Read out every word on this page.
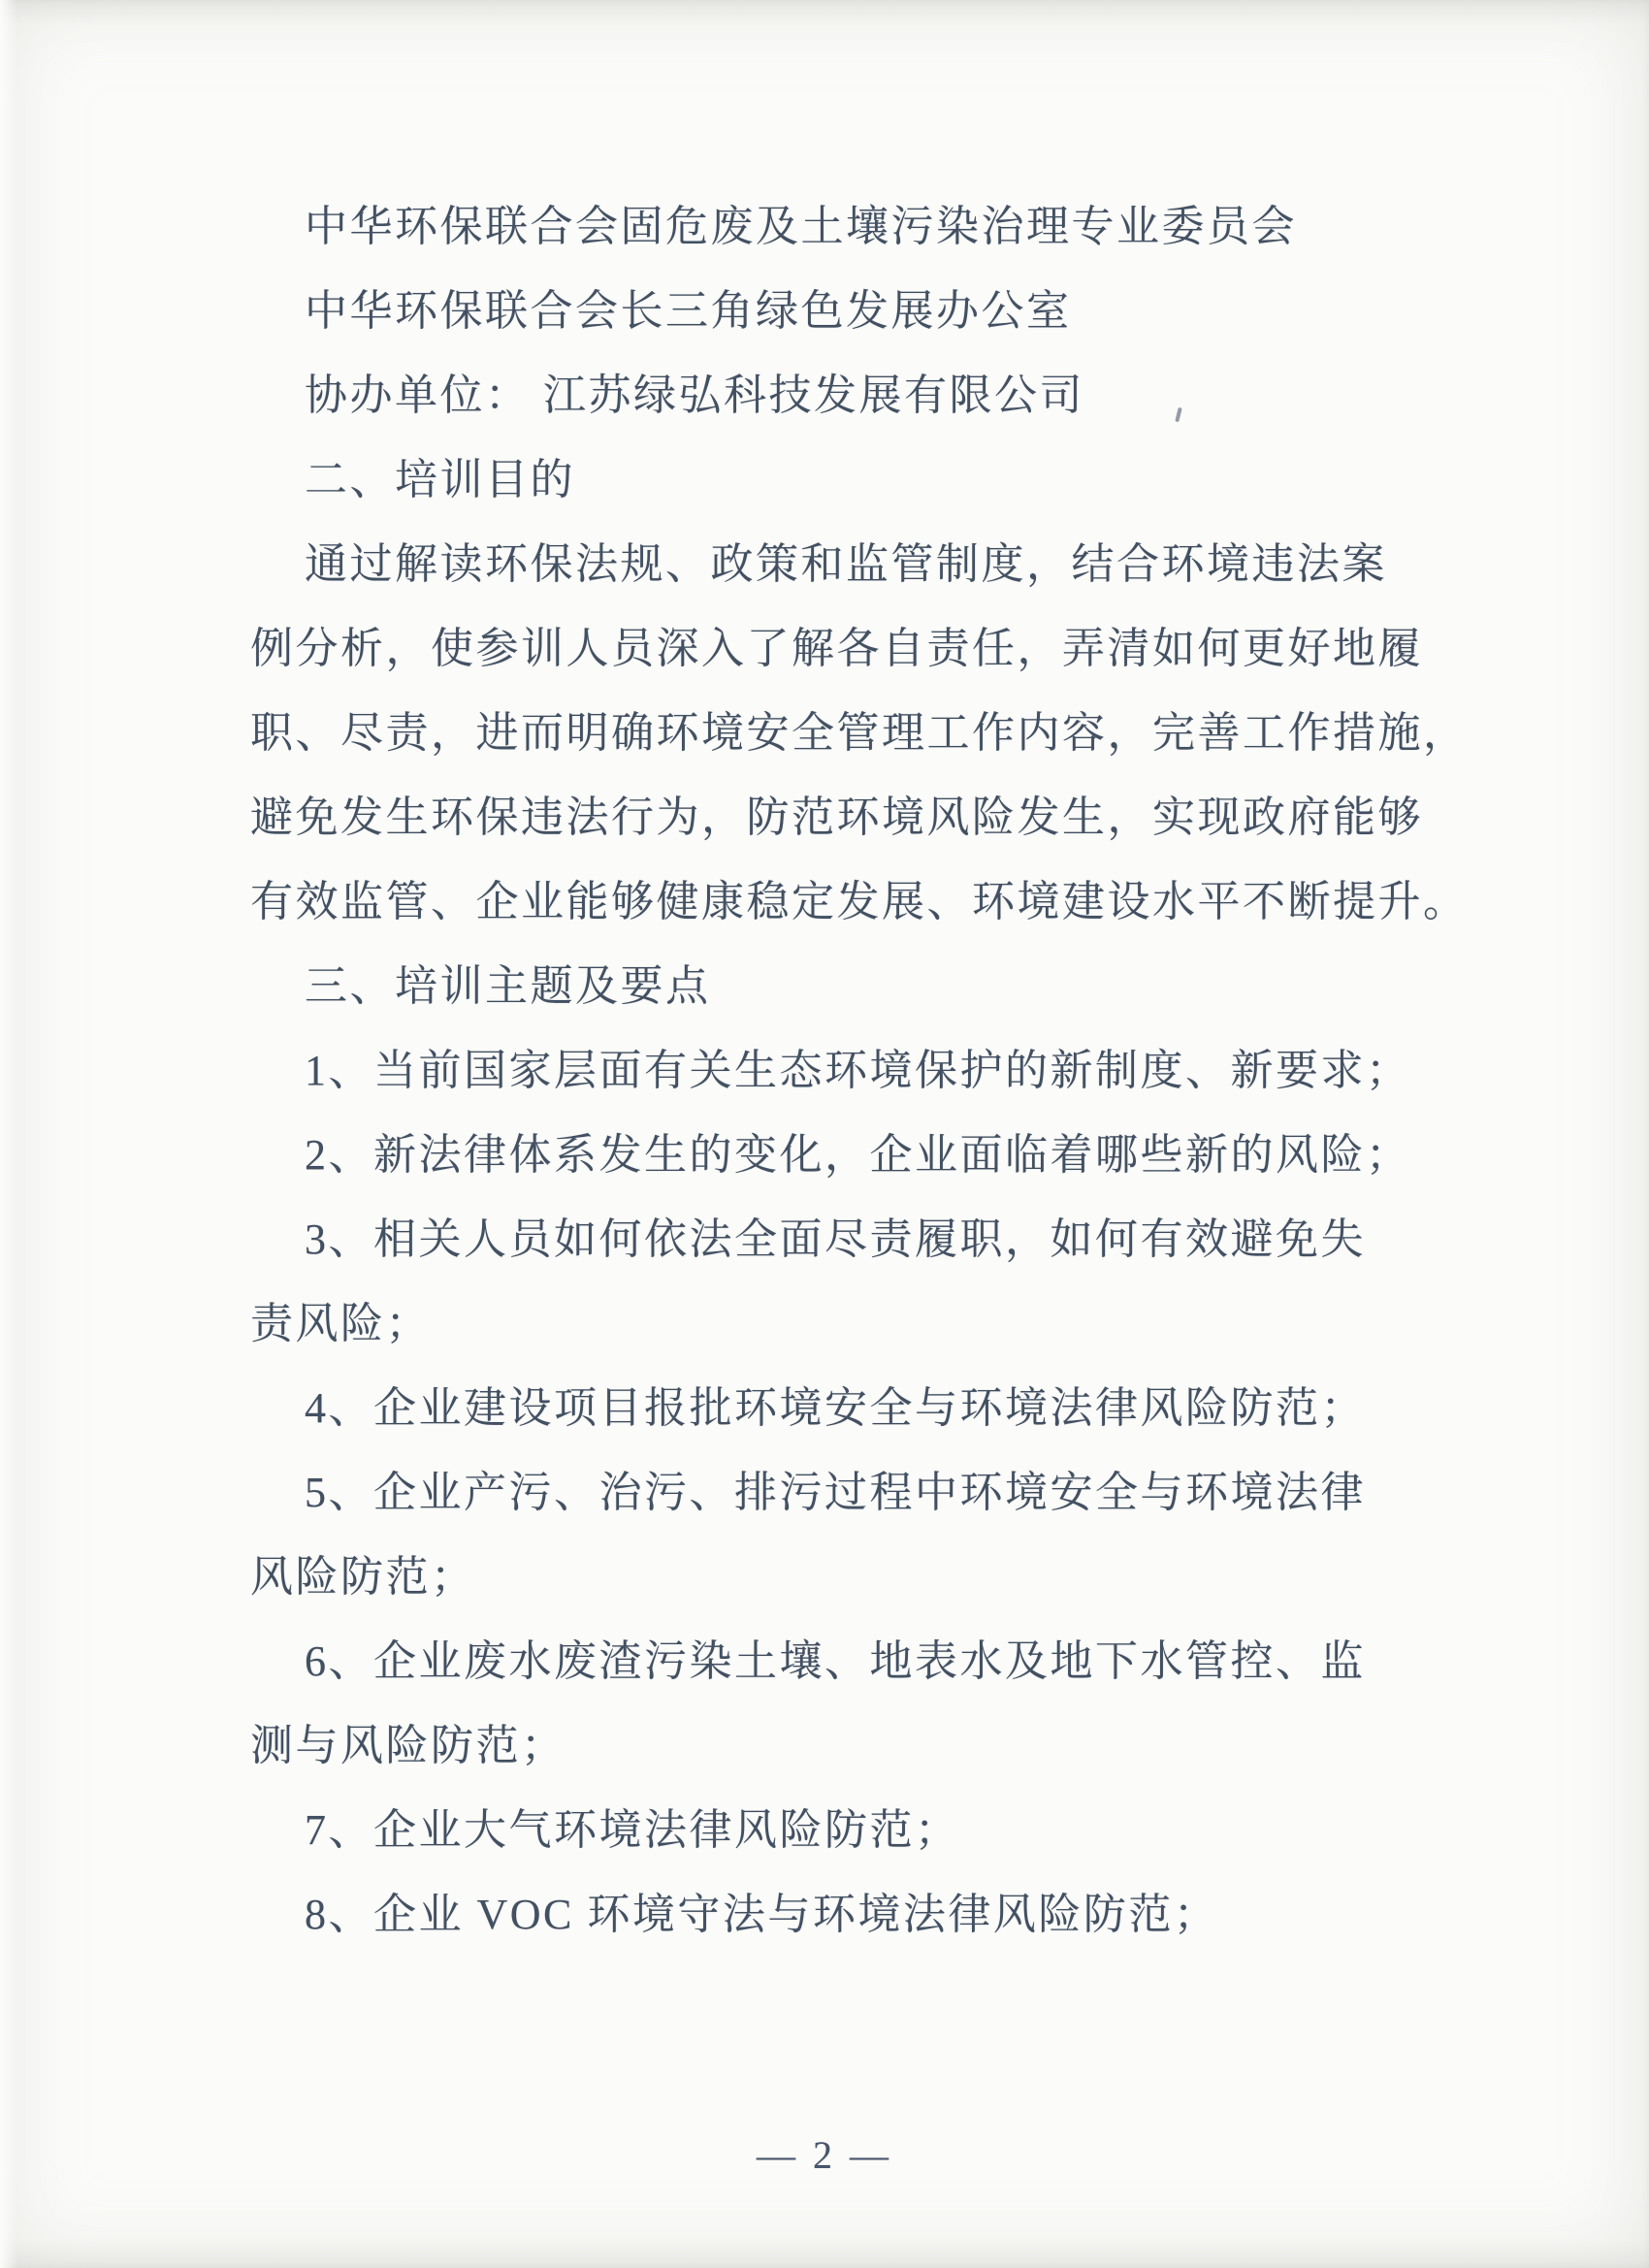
中华环保联合会固危废及土壤污染治理专业委员会
中华环保联合会长三角绿色发展办公室
协办单位： 江苏绿弘科技发展有限公司
二、培训目的
通过解读环保法规、政策和监管制度，结合环境违法案
例分析，使参训人员深入了解各自责任，弄清如何更好地履
职、尽责，进而明确环境安全管理工作内容，完善工作措施，
避免发生环保违法行为，防范环境风险发生，实现政府能够
有效监管、企业能够健康稳定发展、环境建设水平不断提升。
三、培训主题及要点
1、当前国家层面有关生态环境保护的新制度、新要求；
2、新法律体系发生的变化，企业面临着哪些新的风险；
3、相关人员如何依法全面尽责履职，如何有效避免失
责风险；
4、企业建设项目报批环境安全与环境法律风险防范；
5、企业产污、治污、排污过程中环境安全与环境法律
风险防范；
6、企业废水废渣污染土壤、地表水及地下水管控、监
测与风险防范；
7、企业大气环境法律风险防范；
8、企业 VOC 环境守法与环境法律风险防范；
— 2 —
